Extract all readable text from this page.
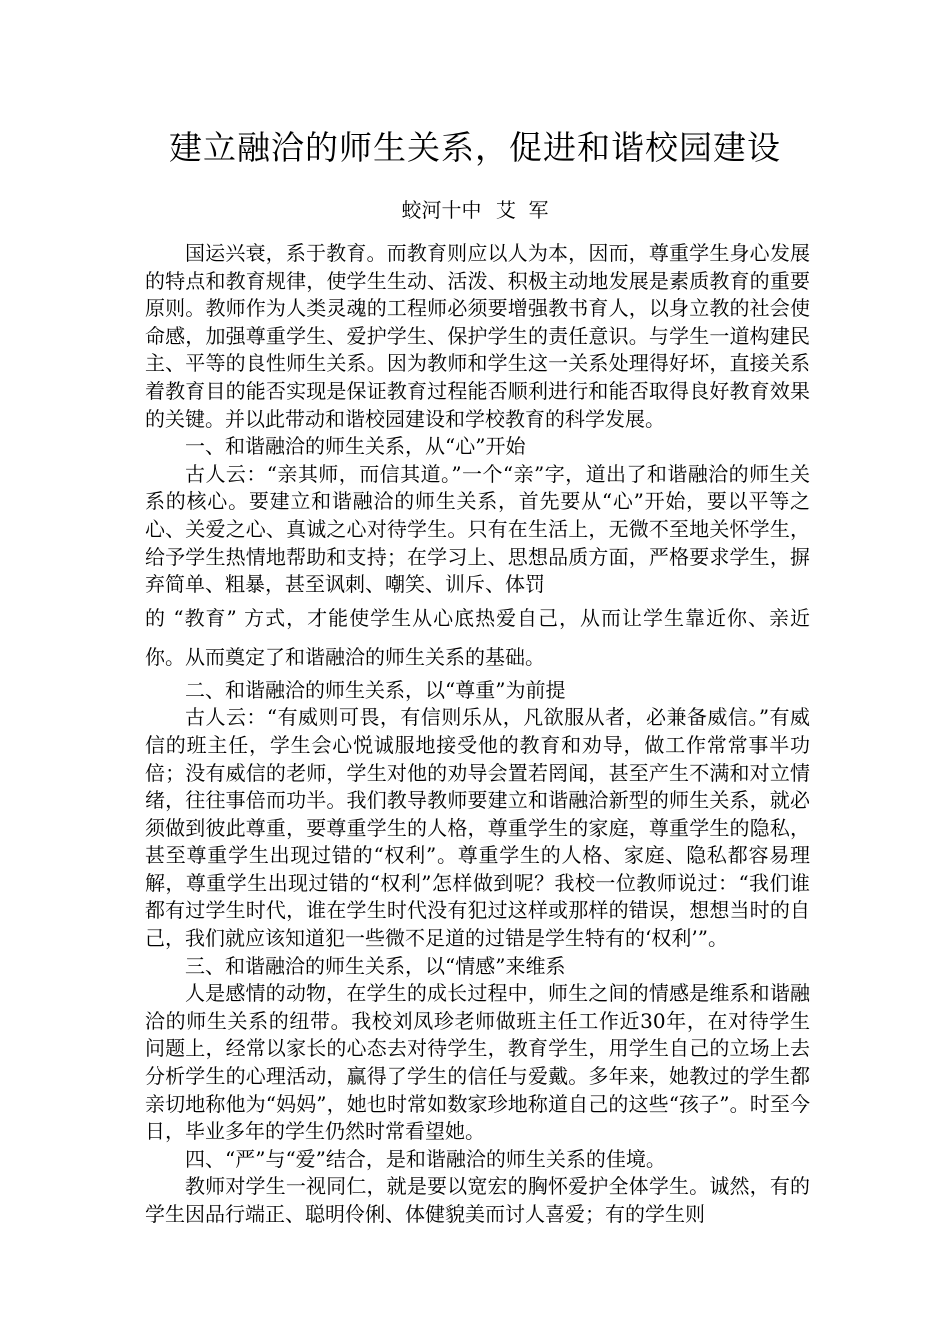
建立融洽的师生关系，促进和谐校园建设
蛟河十中 艾  军

国运兴衰，系于教育。而教育则应以人为本，因而，尊重学生身心发展的特点和教育规律，使学生生动、活泼、积极主动地发展是素质教育的重要原则。教师作为人类灵魂的工程师必须要增强教书育人，以身立教的社会使命感，加强尊重学生、爱护学生、保护学生的责任意识。与学生一道构建民主、平等的良性师生关系。因为教师和学生这一关系处理得好坏，直接关系着教育目的能否实现是保证教育过程能否顺利进行和能否取得良好教育效果的关键。并以此带动和谐校园建设和学校教育的科学发展。

一、和谐融洽的师生关系，从“心”开始

古人云：“亲其师，而信其道。”一个“亲”字，道出了和谐融洽的师生关系的核心。要建立和谐融洽的师生关系，首先要从“心”开始，要以平等之心、关爱之心、真诚之心对待学生。只有在生活上，无微不至地关怀学生，给予学生热情地帮助和支持；在学习上、思想品质方面，严格要求学生，摒弃简单、粗暴，甚至讽刺、嘲笑、训斥、体罚

的 “教育” 方式，才能使学生从心底热爱自己，从而让学生靠近你、亲近你。从而奠定了和谐融洽的师生关系的基础。

二、和谐融洽的师生关系，以“尊重”为前提

古人云：“有威则可畏，有信则乐从，凡欲服从者，必兼备威信。”有威信的班主任，学生会心悦诚服地接受他的教育和劝导，做工作常常事半功倍；没有威信的老师，学生对他的劝导会置若罔闻，甚至产生不满和对立情绪，往往事倍而功半。我们教导教师要建立和谐融洽新型的师生关系，就必须做到彼此尊重，要尊重学生的人格，尊重学生的家庭，尊重学生的隐私，甚至尊重学生出现过错的“权利”。尊重学生的人格、家庭、隐私都容易理解，尊重学生出现过错的“权利”怎样做到呢？我校一位教师说过：“我们谁都有过学生时代，谁在学生时代没有犯过这样或那样的错误，想想当时的自己，我们就应该知道犯一些微不足道的过错是学生特有的‘权利’”。

三、和谐融洽的师生关系，以“情感”来维系

人是感情的动物，在学生的成长过程中，师生之间的情感是维系和谐融洽的师生关系的纽带。我校刘凤珍老师做班主任工作近30年，在对待学生问题上，经常以家长的心态去对待学生，教育学生，用学生自己的立场上去分析学生的心理活动，赢得了学生的信任与爱戴。多年来，她教过的学生都亲切地称他为“妈妈”，她也时常如数家珍地称道自己的这些“孩子”。时至今日，毕业多年的学生仍然时常看望她。

四、“严”与“爱”结合，是和谐融洽的师生关系的佳境。

教师对学生一视同仁，就是要以宽宏的胸怀爱护全体学生。诚然，有的学生因品行端正、聪明伶俐、体健貌美而讨人喜爱；有的学生则
